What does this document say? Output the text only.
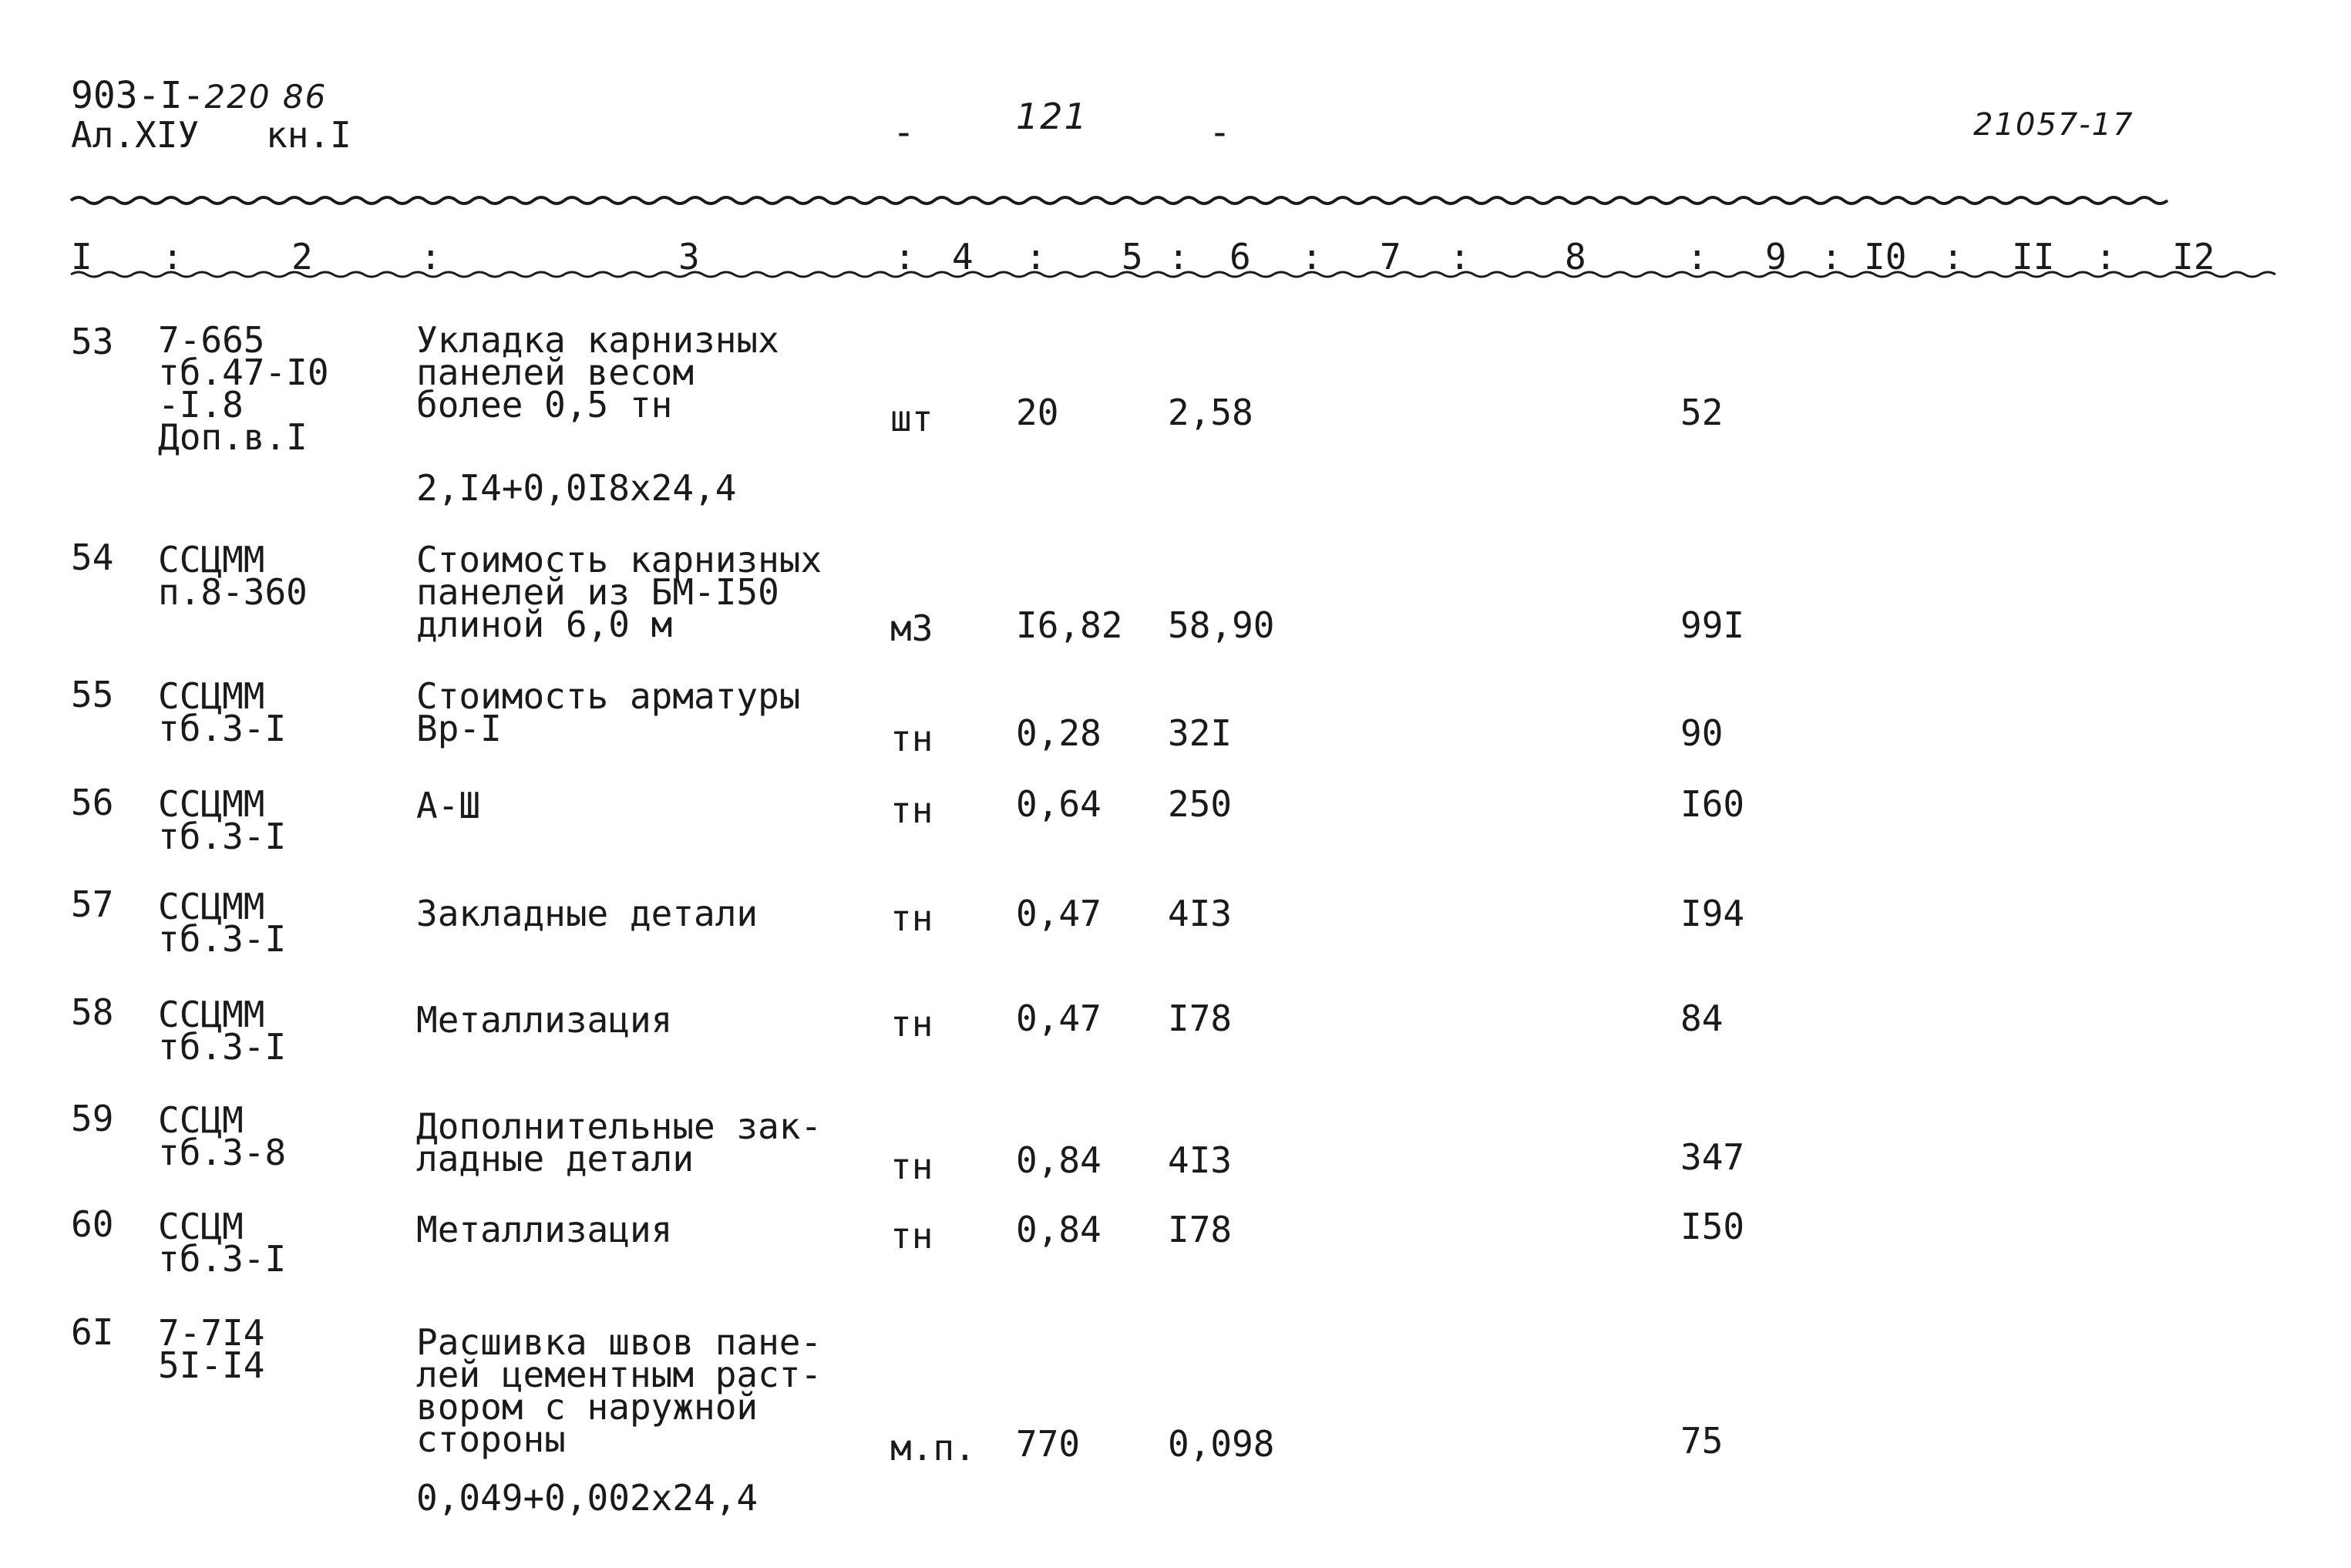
903-I-220 86
Ал.XIУ кн.I	-	121	-	21057-17
I :	2	:	3	: 4 : 5 : 6 : 7 :	8	: 9 : I0 : II : I2
53 7-665
тб.47-I0
-I.8
Доп.в.I
Укладка карнизных
панелей весом
более 0,5 тн
2,I4+0,0I8x24,4
шт 20	2,58	52
54 ССЦММ
п.8-360
Стоимость карнизных
панелей из БМ-I50
длиной 6,0 м	м3 I6,82 58,90	99I
55 ССЦММ
тб.3-I
Стоимость арматуры
Вр-I	тн 0,28 32I	90
56 ССЦММ
тб.3-I
А-Ш	тн 0,64 250	I60
57 ССЦММ
тб.3-I
Закладные детали	тн 0,47 4I3	I94
58 ССЦММ
тб.3-I
Металлизация	тн 0,47 I78	84
59 ССЦМ
тб.3-8
Дополнительные зак-
ладные детали	тн 0,84 4I3	347
60 ССЦМ
тб.3-I
Металлизация	тн 0,84 I78	I50
6I 7-7I4
5I-I4
Расшивка швов пане-
лей цементным раст-
вором с наружной
стороны
0,049+0,002x24,4
м.п. 770 0,098	75
